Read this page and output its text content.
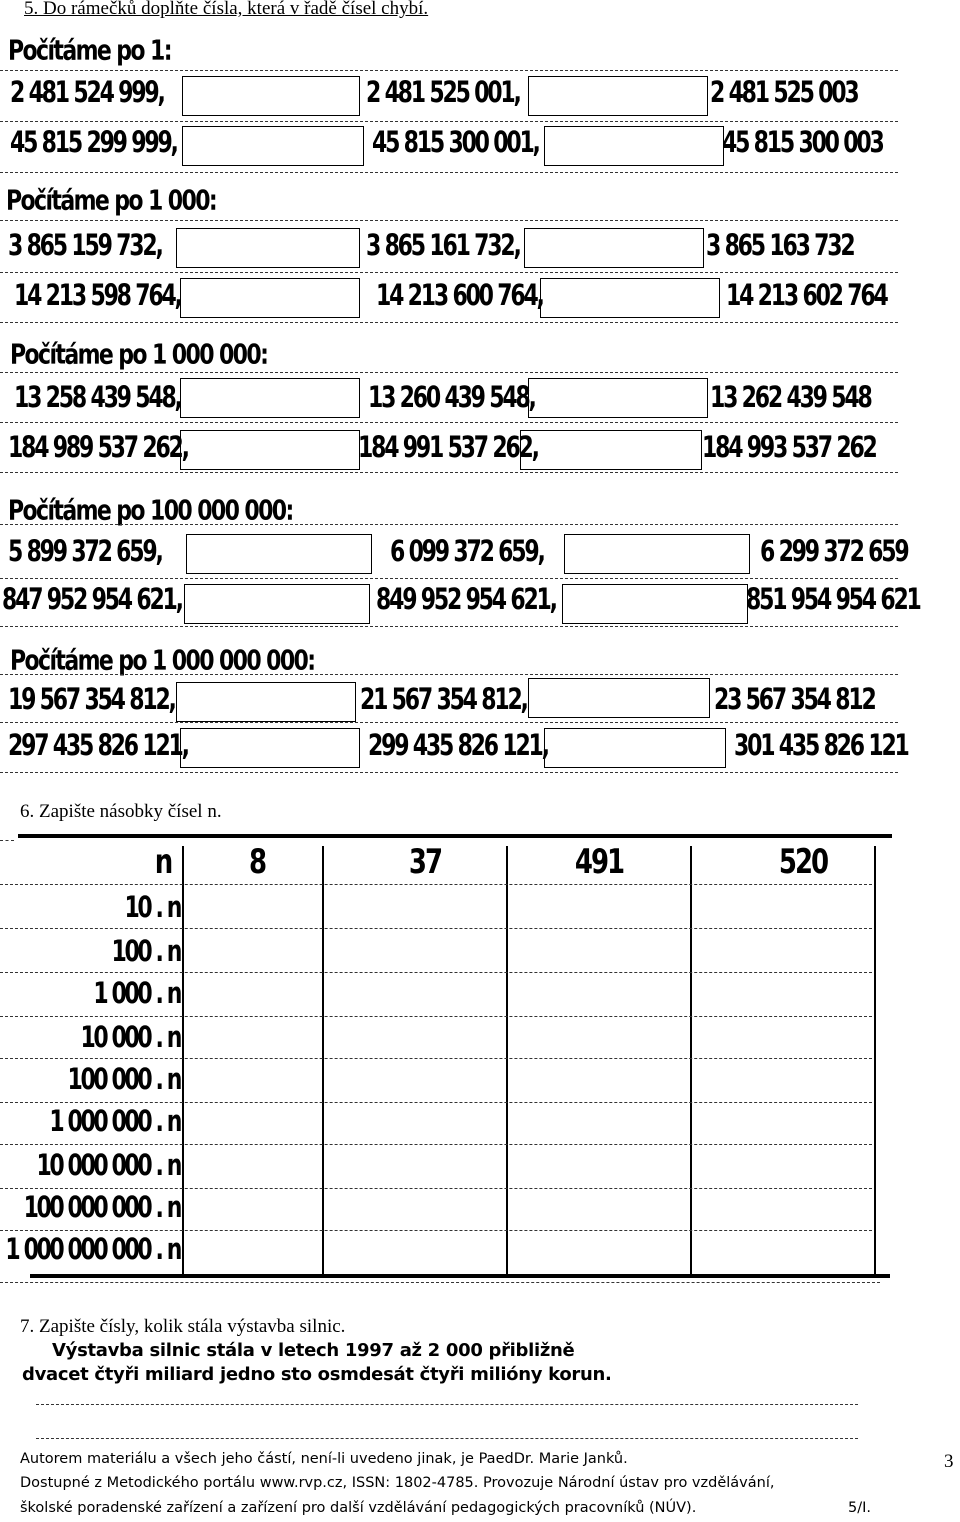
5. Do rámečků doplňte čísla, která v řadě čísel chybí.
Počítáme po 1:
2 481 524 999,	2 481 525 001,	2 481 525 003
45 815 299 999,	45 815 300 001,	45 815 300 003
Počítáme po 1 000:
3 865 159 732,	3 865 161 732,	3 865 163 732
14 213 598 764,	14 213 600 764,	14 213 602 764
Počítáme po 1 000 000:
13 258 439 548,	13 260 439 548,	13 262 439 548
184 989 537 262,	184 991 537 262,	184 993 537 262
Počítáme po 100 000 000:
5 899 372 659,	6 099 372 659,	6 299 372 659
847 952 954 621,	849 952 954 621,	851 954 954 621
Počítáme po 1 000 000 000:
19 567 354 812,	21 567 354 812,	23 567 354 812
297 435 826 121,	299 435 826 121,	301 435 826 121
6. Zapište násobky čísel n.
n	8	37	491	520
10 . n
100 . n
1 000 . n
10 000 . n
100 000 . n
1 000 000 . n
10 000 000 . n
100 000 000 . n
1 000 000 000 . n
7. Zapište čísly, kolik stála výstavba silnic.
Výstavba silnic stála v letech 1997 až 2 000 přibližně
dvacet čtyři miliard jedno sto osmdesát čtyři milióny korun.
Autorem materiálu a všech jeho částí, není-li uvedeno jinak, je PaedDr. Marie Janků.	3
Dostupné z Metodického portálu www.rvp.cz, ISSN: 1802-4785. Provozuje Národní ústav pro vzdělávání,
školské poradenské zařízení a zařízení pro další vzdělávání pedagogických pracovníků (NÚV).	5/I.
